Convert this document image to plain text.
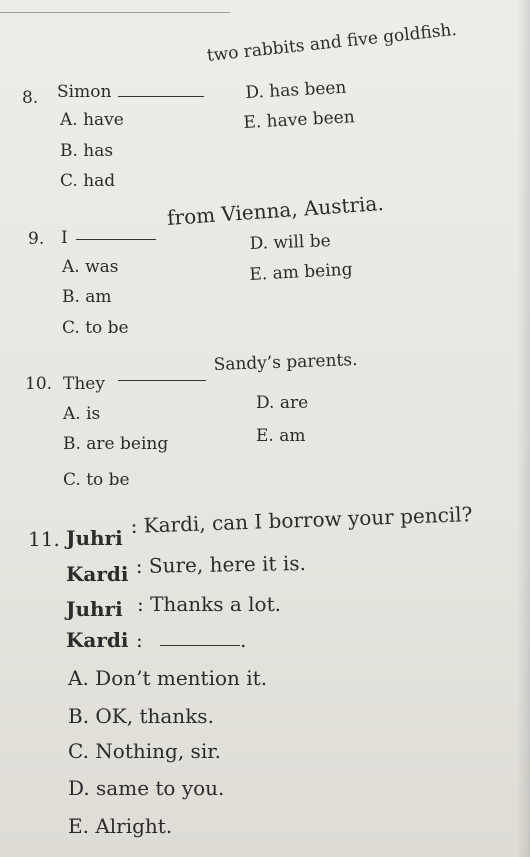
8. Simon
two rabbits and five goldfish.
A. have
B. has
C. had
D. has been
E. have been
9. I
from Vienna, Austria.
A. was
B. am
C. to be
D. will be
E. am being
10. They
Sandy’s parents.
A. is
B. are being
C. to be
D. are
E. am
11. Juhri : Kardi, can I borrow your pencil?
Kardi : Sure, here it is.
Juhri : Thanks a lot.
Kardi :	.
A. Don’t mention it.
B. OK, thanks.
C. Nothing, sir.
D. same to you.
E. Alright.
